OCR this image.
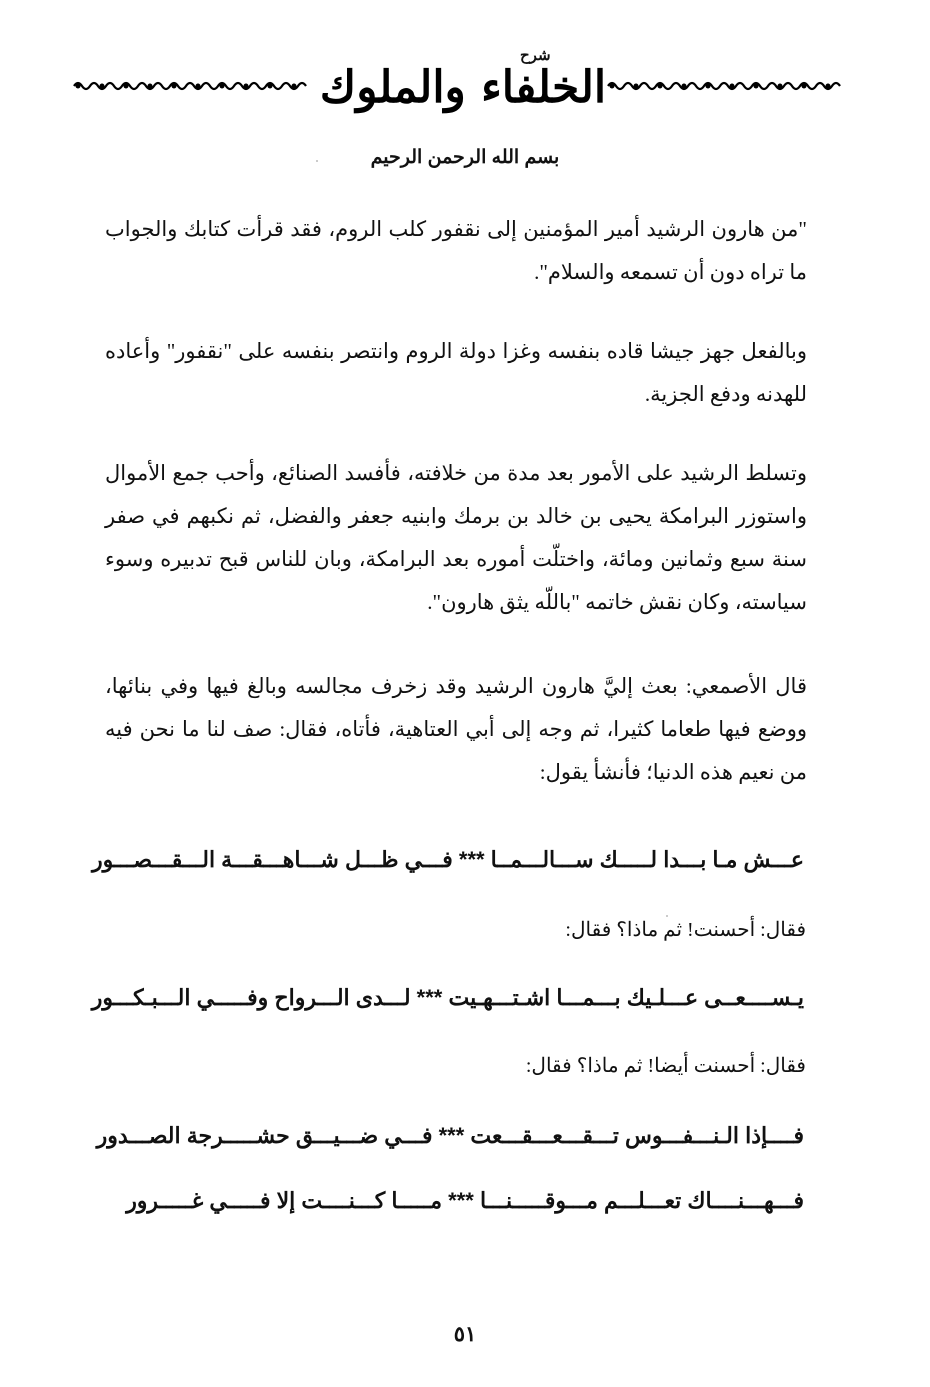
شرح
الخلفاء والملوك
بسم الله الرحمن الرحيم
"من هارون الرشيد أمير المؤمنين إلى نقفور كلب الروم، فقد قرأت كتابك والجواب ما تراه دون أن تسمعه والسلام".
وبالفعل جهز جيشا قاده بنفسه وغزا دولة الروم وانتصر بنفسه على "نقفور" وأعاده للهدنه ودفع الجزية.
وتسلط الرشيد على الأمور بعد مدة من خلافته، فأفسد الصنائع، وأحب جمع الأموال واستوزر البرامكة يحيى بن خالد بن برمك وابنيه جعفر والفضل، ثم نكبهم في صفر سنة سبع وثمانين ومائة، واختلّت أموره بعد البرامكة، وبان للناس قبح تدبيره وسوء سياسته، وكان نقش خاتمه "باللّه يثق هارون".
قال الأصمعي: بعث إليَّ هارون الرشيد وقد زخرف مجالسه وبالغ فيها وفي بنائها، ووضع فيها طعاما كثيرا، ثم وجه إلى أبي العتاهية، فأتاه، فقال: صف لنا ما نحن فيه من نعيم هذه الدنيا؛ فأنشأ يقول:
عـــش مـا بـــدا لـــــك ســـالـــمــا *** فـــي ظـــل شـــاهـــقـــة الـــقـــصـــور
فقال: أحسنت! ثم ماذا؟ فقال:
يـســــعــى عـــلـيك بـــمـــا اشـتـــهـيت *** لـــدى الـــرواح وفـــــي الـــبـكـــور
فقال: أحسنت أيضا! ثم ماذا؟ فقال:
فــــإذا الـنـــفـــوس تـــقـــعـــقـــعت *** فـــي ضـــيـــق حشـــــرجة الصـــدور
فـــهـــنــــاك تعـــلـــم مـــوقـــــنـــا *** مـــــا كـــنــــت إلا فـــــي غـــــرور
٥١
